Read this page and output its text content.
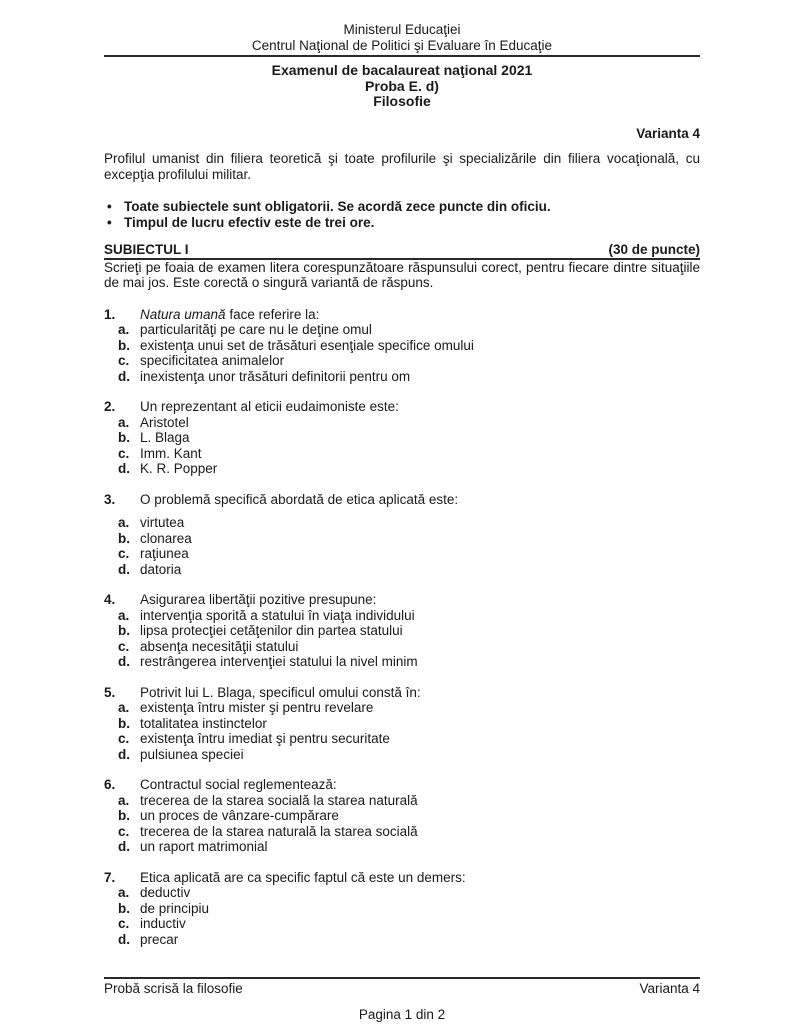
Ministerul Educaţiei
Centrul Naţional de Politici şi Evaluare în Educaţie
Examenul de bacalaureat naţional 2021
Proba E. d)
Filosofie
Varianta 4
Profilul umanist din filiera teoretică şi toate profilurile şi specializările din filiera vocaţională, cu excepţia profilului militar.
• Toate subiectele sunt obligatorii. Se acordă zece puncte din oficiu.
• Timpul de lucru efectiv este de trei ore.
SUBIECTUL I	(30 de puncte)
Scrieţi pe foaia de examen litera corespunzătoare răspunsului corect, pentru fiecare dintre situaţiile de mai jos. Este corectă o singură variantă de răspuns.
1.	Natura umană face referire la:
a. particularităţi pe care nu le deţine omul
b. existenţa unui set de trăsături esenţiale specifice omului
c. specificitatea animalelor
d. inexistenţa unor trăsături definitorii pentru om
2.	Un reprezentant al eticii eudaimoniste este:
a. Aristotel
b. L. Blaga
c. Imm. Kant
d. K. R. Popper
3.	O problemă specifică abordată de etica aplicată este:
a. virtutea
b. clonarea
c. raţiunea
d. datoria
4.	Asigurarea libertăţii pozitive presupune:
a. intervenţia sporită a statului în viaţa individului
b. lipsa protecţiei cetăţenilor din partea statului
c. absenţa necesităţii statului
d. restrângerea intervenţiei statului la nivel minim
5.	Potrivit lui L. Blaga, specificul omului constă în:
a. existenţa întru mister şi pentru revelare
b. totalitatea instinctelor
c. existenţa întru imediat şi pentru securitate
d. pulsiunea speciei
6.	Contractul social reglementează:
a. trecerea de la starea socială la starea naturală
b. un proces de vânzare-cumpărare
c. trecerea de la starea naturală la starea socială
d. un raport matrimonial
7.	Etica aplicată are ca specific faptul că este un demers:
a. deductiv
b. de principiu
c. inductiv
d. precar
Probă scrisă la filosofie	Varianta 4
Pagina 1 din 2
